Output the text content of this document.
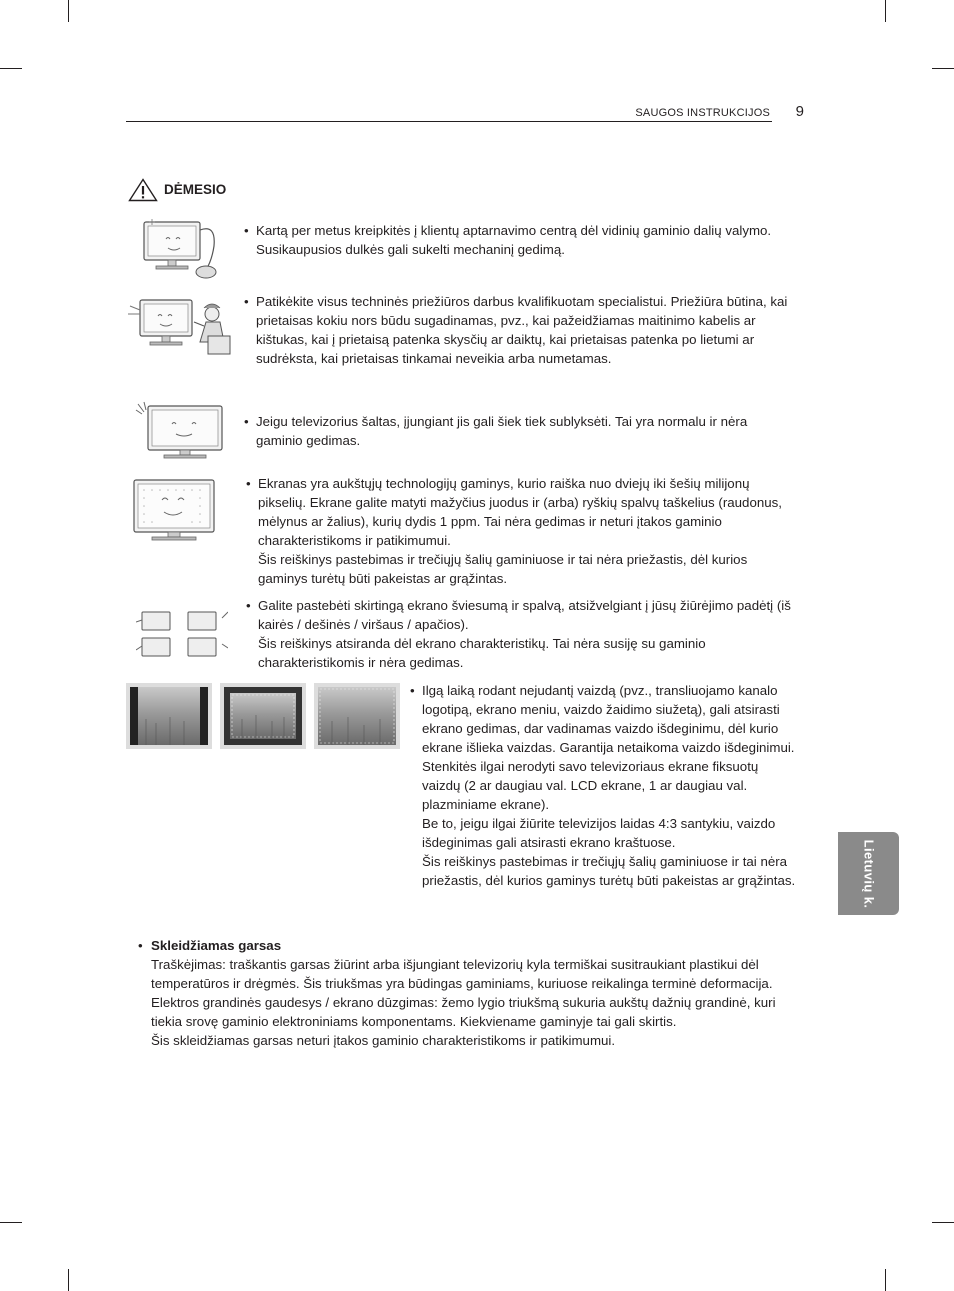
SAUGOS INSTRUKCIJOS 9
DĖMESIO
• Kartą per metus kreipkitės į klientų aptarnavimo centrą dėl vidinių gaminio dalių valymo.
Susikaupusios dulkės gali sukelti mechaninį gedimą.
• Patikėkite visus techninės priežiūros darbus kvalifikuotam specialistui. Priežiūra būtina, kai prietaisas kokiu nors būdu sugadinamas, pvz., kai pažeidžiamas maitinimo kabelis ar kištukas, kai į prietaisą patenka skysčių ar daiktų, kai prietaisas patenka po lietumi ar sudrėksta, kai prietaisas tinkamai neveikia arba numetamas.
• Jeigu televizorius šaltas, įjungiant jis gali šiek tiek sublyksėti. Tai yra normalu ir nėra gaminio gedimas.
• Ekranas yra aukštųjų technologijų gaminys, kurio raiška nuo dviejų iki šešių milijonų pikselių. Ekrane galite matyti mažyčius juodus ir (arba) ryškių spalvų taškelius (raudonus, mėlynus ar žalius), kurių dydis 1 ppm. Tai nėra gedimas ir neturi įtakos gaminio charakteristikoms ir patikimumui.
Šis reiškinys pastebimas ir trečiųjų šalių gaminiuose ir tai nėra priežastis, dėl kurios gaminys turėtų būti pakeistas ar grąžintas.
• Galite pastebėti skirtingą ekrano šviesumą ir spalvą, atsižvelgiant į jūsų žiūrėjimo padėtį (iš kairės / dešinės / viršaus / apačios).
Šis reiškinys atsiranda dėl ekrano charakteristikų. Tai nėra susiję su gaminio charakteristikomis ir nėra gedimas.
• Ilgą laiką rodant nejudantį vaizdą (pvz., transliuojamo kanalo logotipą, ekrano meniu, vaizdo žaidimo siužetą), gali atsirasti ekrano gedimas, dar vadinamas vaizdo išdeginimu, dėl kurio ekrane išlieka vaizdas. Garantija netaikoma vaizdo išdeginimui.
Stenkitės ilgai nerodyti savo televizoriaus ekrane fiksuotų vaizdų (2 ar daugiau val. LCD ekrane, 1 ar daugiau val. plazminiame ekrane).
Be to, jeigu ilgai žiūrite televizijos laidas 4:3 santykiu, vaizdo išdeginimas gali atsirasti ekrano kraštuose.
Šis reiškinys pastebimas ir trečiųjų šalių gaminiuose ir tai nėra priežastis, dėl kurios gaminys turėtų būti pakeistas ar grąžintas.	Lietuvių k.
• Skleidžiamas garsas
Traškėjimas: traškantis garsas žiūrint arba išjungiant televizorių kyla termiškai susitraukiant plastikui dėl temperatūros ir drėgmės. Šis triukšmas yra būdingas gaminiams, kuriuose reikalinga terminė deformacija. Elektros grandinės gaudesys / ekrano dūzgimas: žemo lygio triukšmą sukuria aukštų dažnių grandinė, kuri tiekia srovę gaminio elektroniniams komponentams. Kiekviename gaminyje tai gali skirtis.
Šis skleidžiamas garsas neturi įtakos gaminio charakteristikoms ir patikimumui.
